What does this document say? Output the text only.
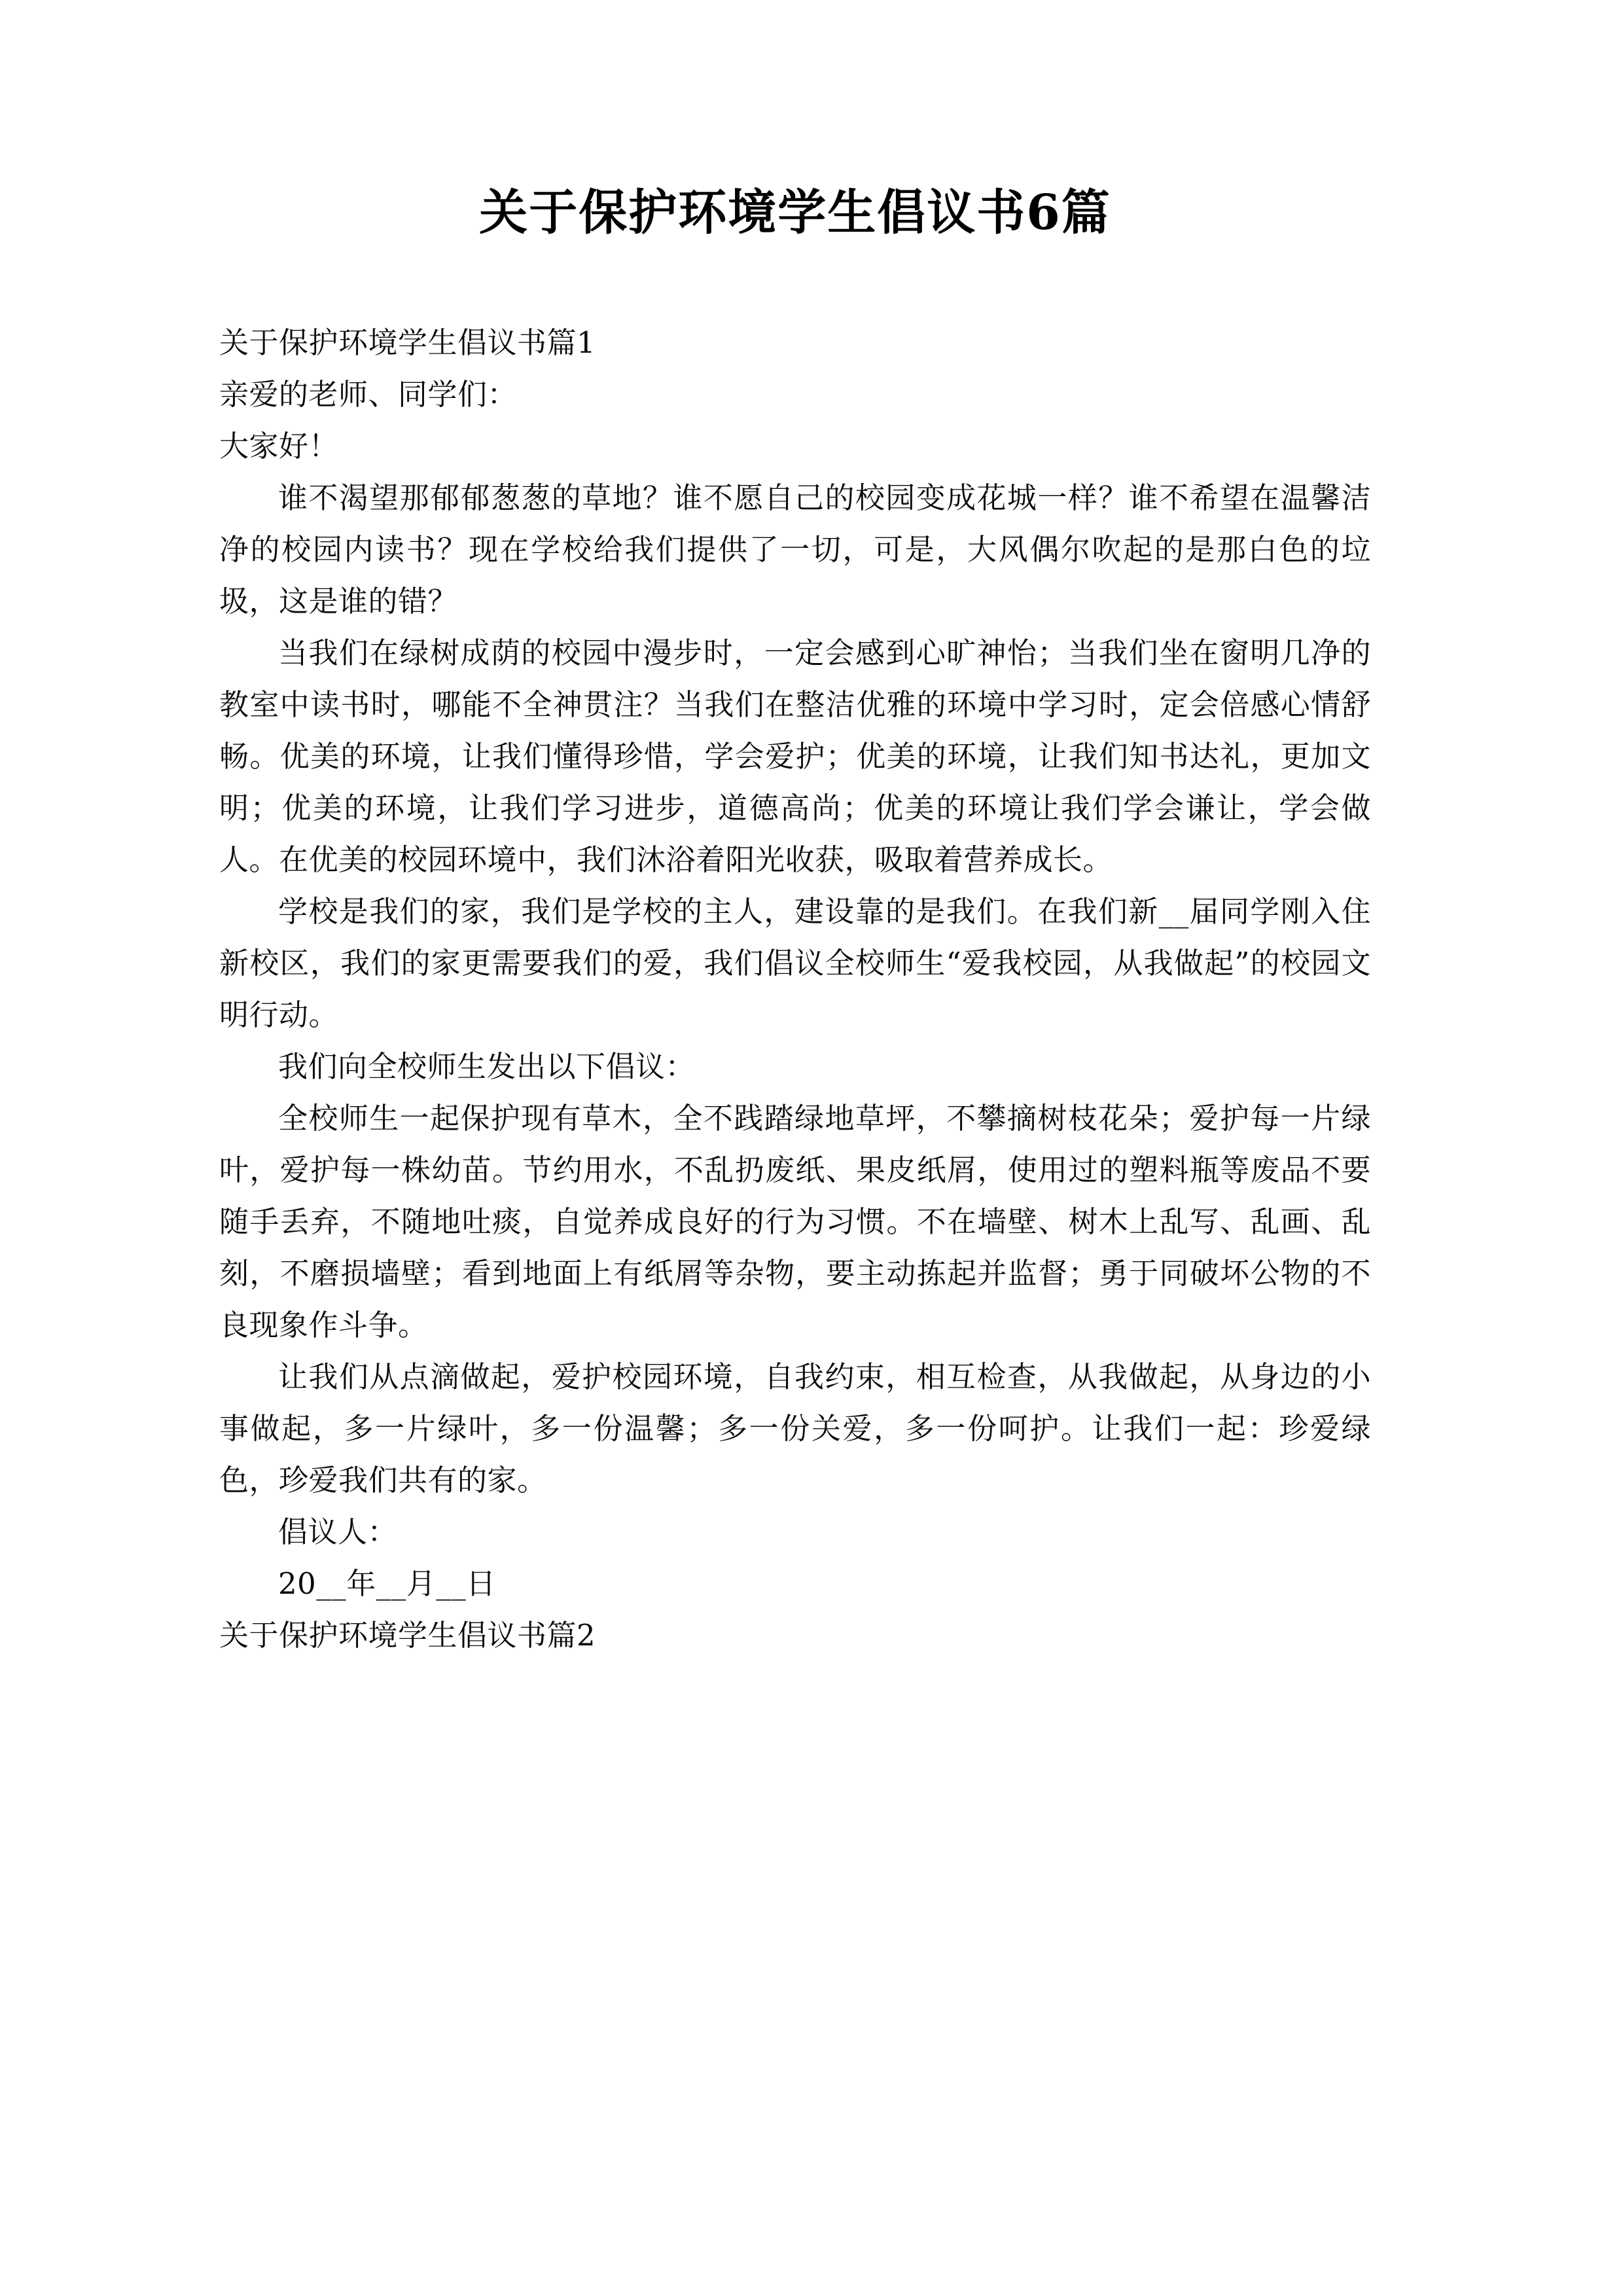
关于保护环境学生倡议书6篇

关于保护环境学生倡议书篇1

亲爱的老师、同学们：

大家好！

谁不渴望那郁郁葱葱的草地？谁不愿自己的校园变成花城一样？谁不希望在温馨洁净的校园内读书？现在学校给我们提供了一切，可是，大风偶尔吹起的是那白色的垃圾，这是谁的错？

当我们在绿树成荫的校园中漫步时，一定会感到心旷神怡；当我们坐在窗明几净的教室中读书时，哪能不全神贯注？当我们在整洁优雅的环境中学习时，定会倍感心情舒畅。优美的环境，让我们懂得珍惜，学会爱护；优美的环境，让我们知书达礼，更加文明；优美的环境，让我们学习进步，道德高尚；优美的环境让我们学会谦让，学会做人。在优美的校园环境中，我们沐浴着阳光收获，吸取着营养成长。

学校是我们的家，我们是学校的主人，建设靠的是我们。在我们新__届同学刚入住新校区，我们的家更需要我们的爱，我们倡议全校师生“爱我校园，从我做起”的校园文明行动。

我们向全校师生发出以下倡议：

全校师生一起保护现有草木，全不践踏绿地草坪，不攀摘树枝花朵；爱护每一片绿叶，爱护每一株幼苗。节约用水，不乱扔废纸、果皮纸屑，使用过的塑料瓶等废品不要随手丢弃，不随地吐痰，自觉养成良好的行为习惯。不在墙壁、树木上乱写、乱画、乱刻，不磨损墙壁；看到地面上有纸屑等杂物，要主动拣起并监督；勇于同破坏公物的不良现象作斗争。

让我们从点滴做起，爱护校园环境，自我约束，相互检查，从我做起，从身边的小事做起，多一片绿叶，多一份温馨；多一份关爱，多一份呵护。让我们一起：珍爱绿色，珍爱我们共有的家。

倡议人：

20__年__月__日

关于保护环境学生倡议书篇2
